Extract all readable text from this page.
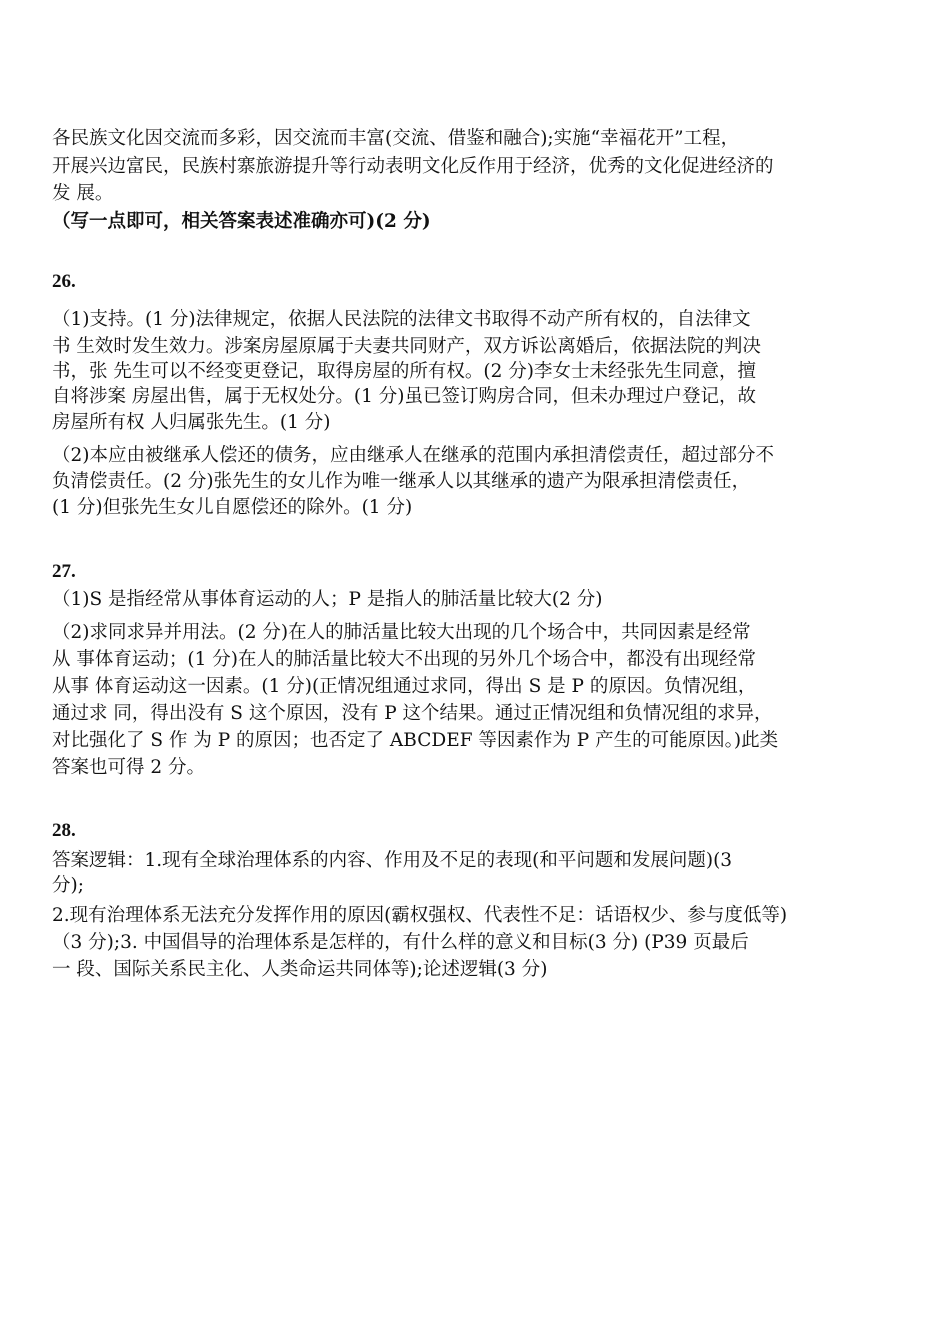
各民族文化因交流而多彩，因交流而丰富(交流、借鉴和融合);实施“幸福花开”工程，
开展兴边富民，民族村寨旅游提升等行动表明文化反作用于经济，优秀的文化促进经济的
发 展。
（写一点即可，相关答案表述准确亦可)(2 分)
26.
（1)支持。(1 分)法律规定，依据人民法院的法律文书取得不动产所有权的，自法律文
书 生效时发生效力。涉案房屋原属于夫妻共同财产，双方诉讼离婚后，依据法院的判决
书，张 先生可以不经变更登记，取得房屋的所有权。(2 分)李女士未经张先生同意，擅
自将涉案 房屋出售，属于无权处分。(1 分)虽已签订购房合同，但未办理过户登记，故
房屋所有权 人归属张先生。(1 分)
（2)本应由被继承人偿还的债务，应由继承人在继承的范围内承担清偿责任，超过部分不
负清偿责任。(2 分)张先生的女儿作为唯一继承人以其继承的遗产为限承担清偿责任，
(1 分)但张先生女儿自愿偿还的除外。(1 分)
27.
（1)S 是指经常从事体育运动的人；P 是指人的肺活量比较大(2 分)
（2)求同求异并用法。(2 分)在人的肺活量比较大出现的几个场合中，共同因素是经常
从 事体育运动；(1 分)在人的肺活量比较大不出现的另外几个场合中，都没有出现经常
从事 体育运动这一因素。(1 分)(正情况组通过求同，得出 S 是 P 的原因。负情况组，
通过求 同，得出没有 S 这个原因，没有 P 这个结果。通过正情况组和负情况组的求异，
对比强化了 S 作 为 P 的原因；也否定了 ABCDEF 等因素作为 P 产生的可能原因。)此类
答案也可得 2 分。
28.
答案逻辑：1.现有全球治理体系的内容、作用及不足的表现(和平问题和发展问题)(3
分);
2.现有治理体系无法充分发挥作用的原因(霸权强权、代表性不足：话语权少、参与度低等)
（3 分);3. 中国倡导的治理体系是怎样的，有什么样的意义和目标(3 分) (P39 页最后
一 段、国际关系民主化、人类命运共同体等);论述逻辑(3 分)
